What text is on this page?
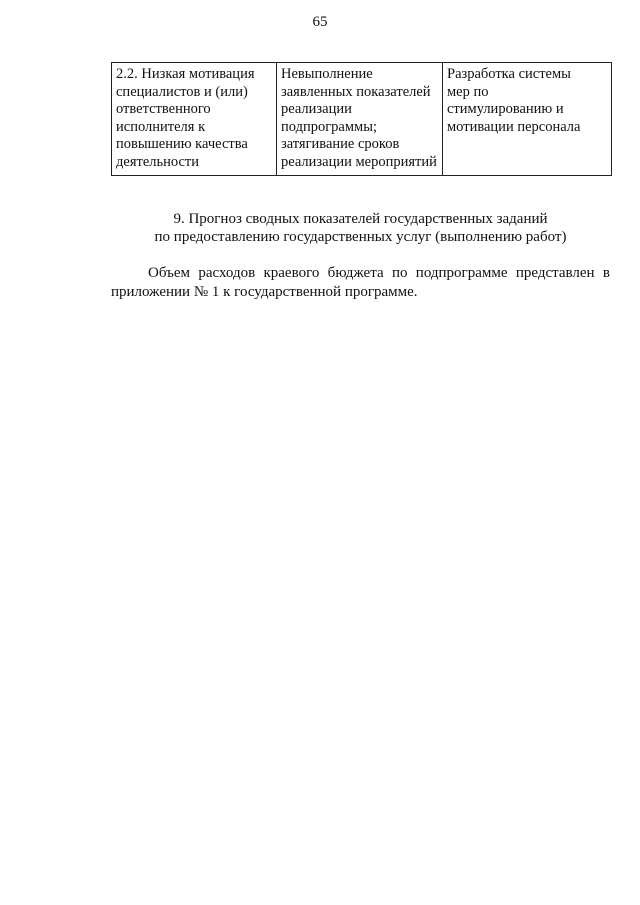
65
2.2. Низкая мотивация
специалистов и (или)
ответственного
исполнителя к
повышению качества
деятельности	Невыполнение
заявленных показателей
реализации
подпрограммы;
затягивание сроков
реализации мероприятий	Разработка системы
мер по
стимулированию и
мотивации персонала
9. Прогноз сводных показателей государственных заданий
по предоставлению государственных услуг (выполнению работ)
Объем расходов краевого бюджета по подпрограмме представлен в
приложении № 1 к государственной программе.
